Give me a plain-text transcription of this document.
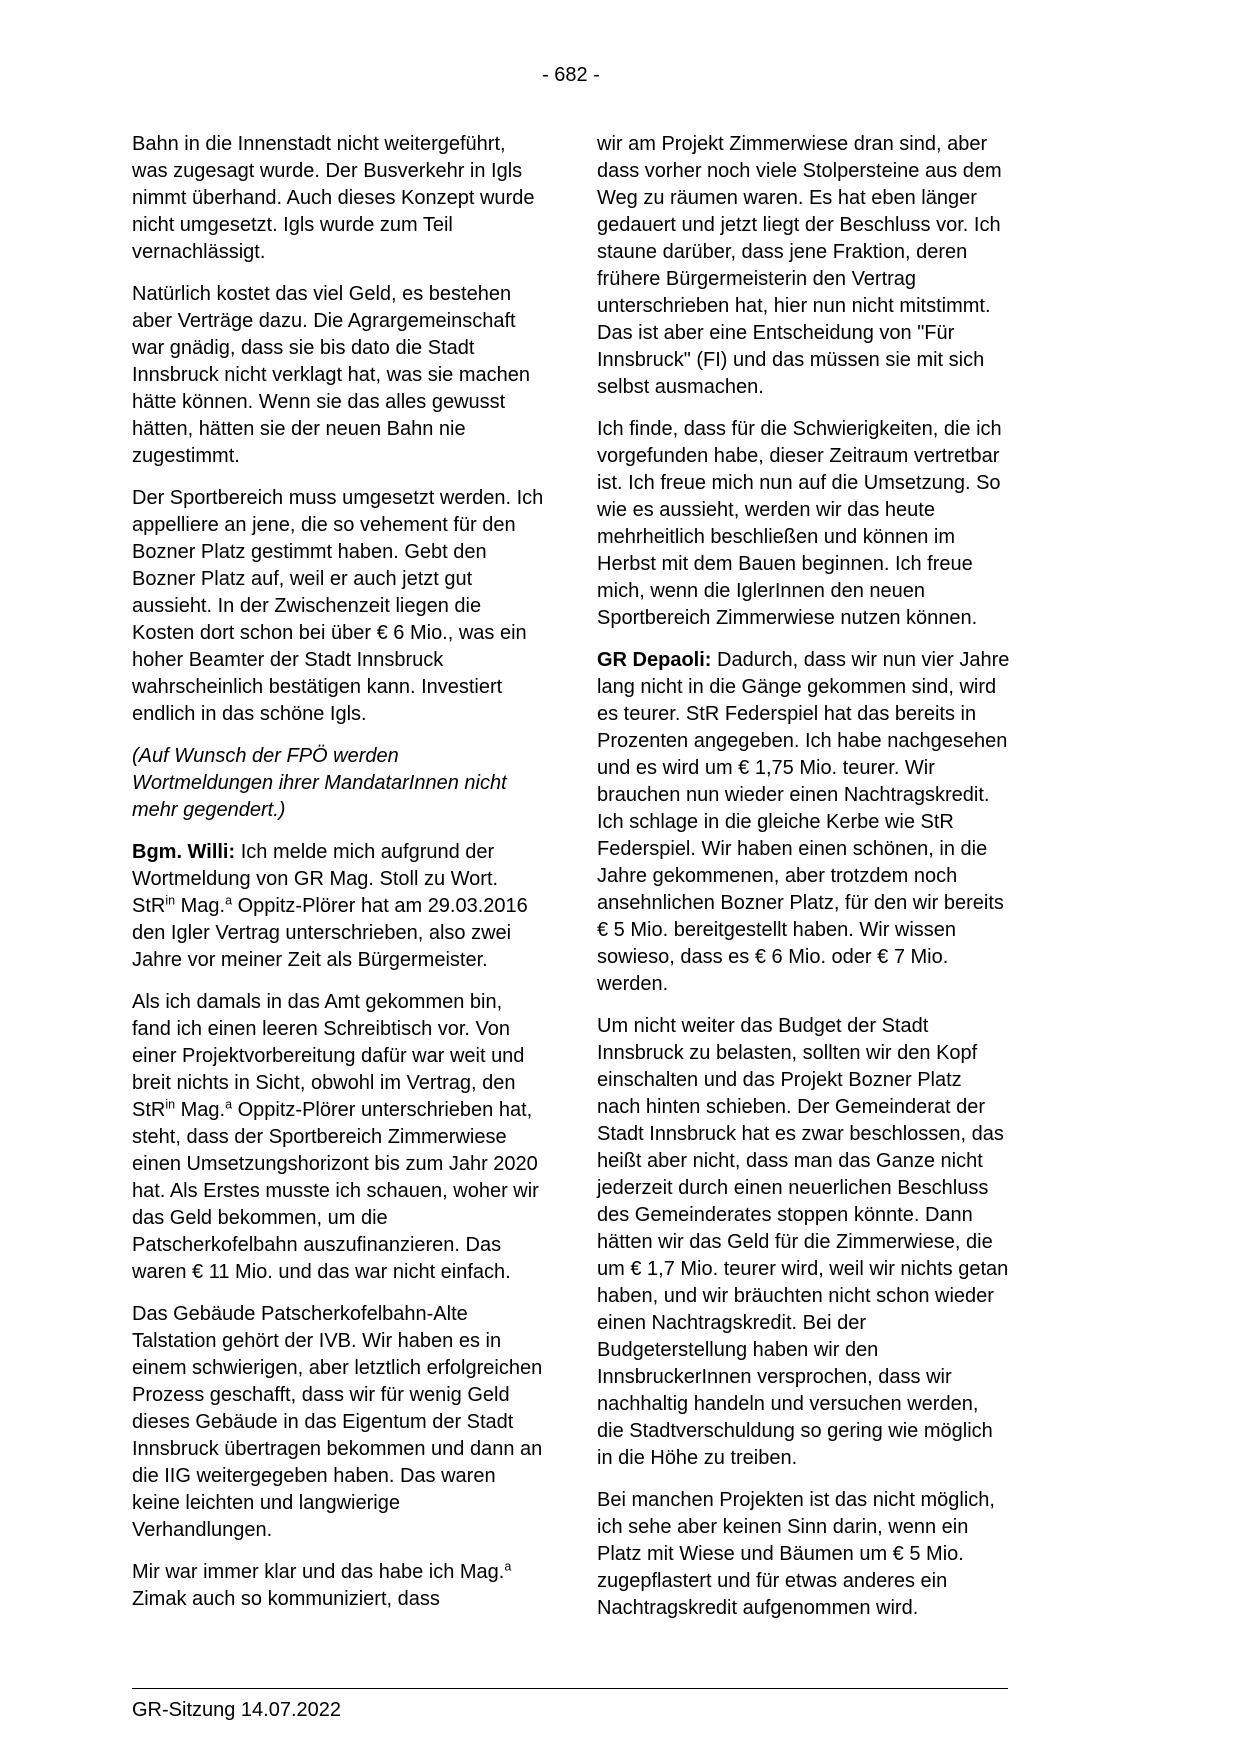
- 682 -

Bahn in die Innenstadt nicht weitergeführt, was zugesagt wurde. Der Busverkehr in Igls nimmt überhand. Auch dieses Konzept wurde nicht umgesetzt. Igls wurde zum Teil vernachlässigt.

Natürlich kostet das viel Geld, es bestehen aber Verträge dazu. Die Agrargemeinschaft war gnädig, dass sie bis dato die Stadt Innsbruck nicht verklagt hat, was sie machen hätte können. Wenn sie das alles gewusst hätten, hätten sie der neuen Bahn nie zugestimmt.

Der Sportbereich muss umgesetzt werden. Ich appelliere an jene, die so vehement für den Bozner Platz gestimmt haben. Gebt den Bozner Platz auf, weil er auch jetzt gut aussieht. In der Zwischenzeit liegen die Kosten dort schon bei über € 6 Mio., was ein hoher Beamter der Stadt Innsbruck wahrscheinlich bestätigen kann. Investiert endlich in das schöne Igls.

(Auf Wunsch der FPÖ werden Wortmeldungen ihrer MandatarInnen nicht mehr gegendert.)

Bgm. Willi: Ich melde mich aufgrund der Wortmeldung von GR Mag. Stoll zu Wort. StR$^{in}$ Mag.$^a$ Oppitz-Plörer hat am 29.03.2016 den Igler Vertrag unterschrieben, also zwei Jahre vor meiner Zeit als Bürgermeister.

Als ich damals in das Amt gekommen bin, fand ich einen leeren Schreibtisch vor. Von einer Projektvorbereitung dafür war weit und breit nichts in Sicht, obwohl im Vertrag, den StR$^{in}$ Mag.$^a$ Oppitz-Plörer unterschrieben hat, steht, dass der Sportbereich Zimmerwiese einen Umsetzungshorizont bis zum Jahr 2020 hat. Als Erstes musste ich schauen, woher wir das Geld bekommen, um die Patscherkofelbahn auszufinanzieren. Das waren € 11 Mio. und das war nicht einfach.

Das Gebäude Patscherkofelbahn-Alte Talstation gehört der IVB. Wir haben es in einem schwierigen, aber letztlich erfolgreichen Prozess geschafft, dass wir für wenig Geld dieses Gebäude in das Eigentum der Stadt Innsbruck übertragen bekommen und dann an die IIG weitergegeben haben. Das waren keine leichten und langwierige Verhandlungen.

Mir war immer klar und das habe ich Mag.$^a$ Zimak auch so kommuniziert, dass

wir am Projekt Zimmerwiese dran sind, aber dass vorher noch viele Stolpersteine aus dem Weg zu räumen waren. Es hat eben länger gedauert und jetzt liegt der Beschluss vor. Ich staune darüber, dass jene Fraktion, deren frühere Bürgermeisterin den Vertrag unterschrieben hat, hier nun nicht mitstimmt. Das ist aber eine Entscheidung von "Für Innsbruck" (FI) und das müssen sie mit sich selbst ausmachen.

Ich finde, dass für die Schwierigkeiten, die ich vorgefunden habe, dieser Zeitraum vertretbar ist. Ich freue mich nun auf die Umsetzung. So wie es aussieht, werden wir das heute mehrheitlich beschließen und können im Herbst mit dem Bauen beginnen. Ich freue mich, wenn die IglerInnen den neuen Sportbereich Zimmerwiese nutzen können.

GR Depaoli: Dadurch, dass wir nun vier Jahre lang nicht in die Gänge gekommen sind, wird es teurer. StR Federspiel hat das bereits in Prozenten angegeben. Ich habe nachgesehen und es wird um € 1,75 Mio. teurer. Wir brauchen nun wieder einen Nachtragskredit. Ich schlage in die gleiche Kerbe wie StR Federspiel. Wir haben einen schönen, in die Jahre gekommenen, aber trotzdem noch ansehnlichen Bozner Platz, für den wir bereits € 5 Mio. bereitgestellt haben. Wir wissen sowieso, dass es € 6 Mio. oder € 7 Mio. werden.

Um nicht weiter das Budget der Stadt Innsbruck zu belasten, sollten wir den Kopf einschalten und das Projekt Bozner Platz nach hinten schieben. Der Gemeinderat der Stadt Innsbruck hat es zwar beschlossen, das heißt aber nicht, dass man das Ganze nicht jederzeit durch einen neuerlichen Beschluss des Gemeinderates stoppen könnte. Dann hätten wir das Geld für die Zimmerwiese, die um € 1,7 Mio. teurer wird, weil wir nichts getan haben, und wir bräuchten nicht schon wieder einen Nachtragskredit. Bei der Budgeterstellung haben wir den InnsbruckerInnen versprochen, dass wir nachhaltig handeln und versuchen werden, die Stadtverschuldung so gering wie möglich in die Höhe zu treiben.

Bei manchen Projekten ist das nicht möglich, ich sehe aber keinen Sinn darin, wenn ein Platz mit Wiese und Bäumen um € 5 Mio. zugepflastert und für etwas anderes ein Nachtragskredit aufgenommen wird.

GR-Sitzung 14.07.2022
